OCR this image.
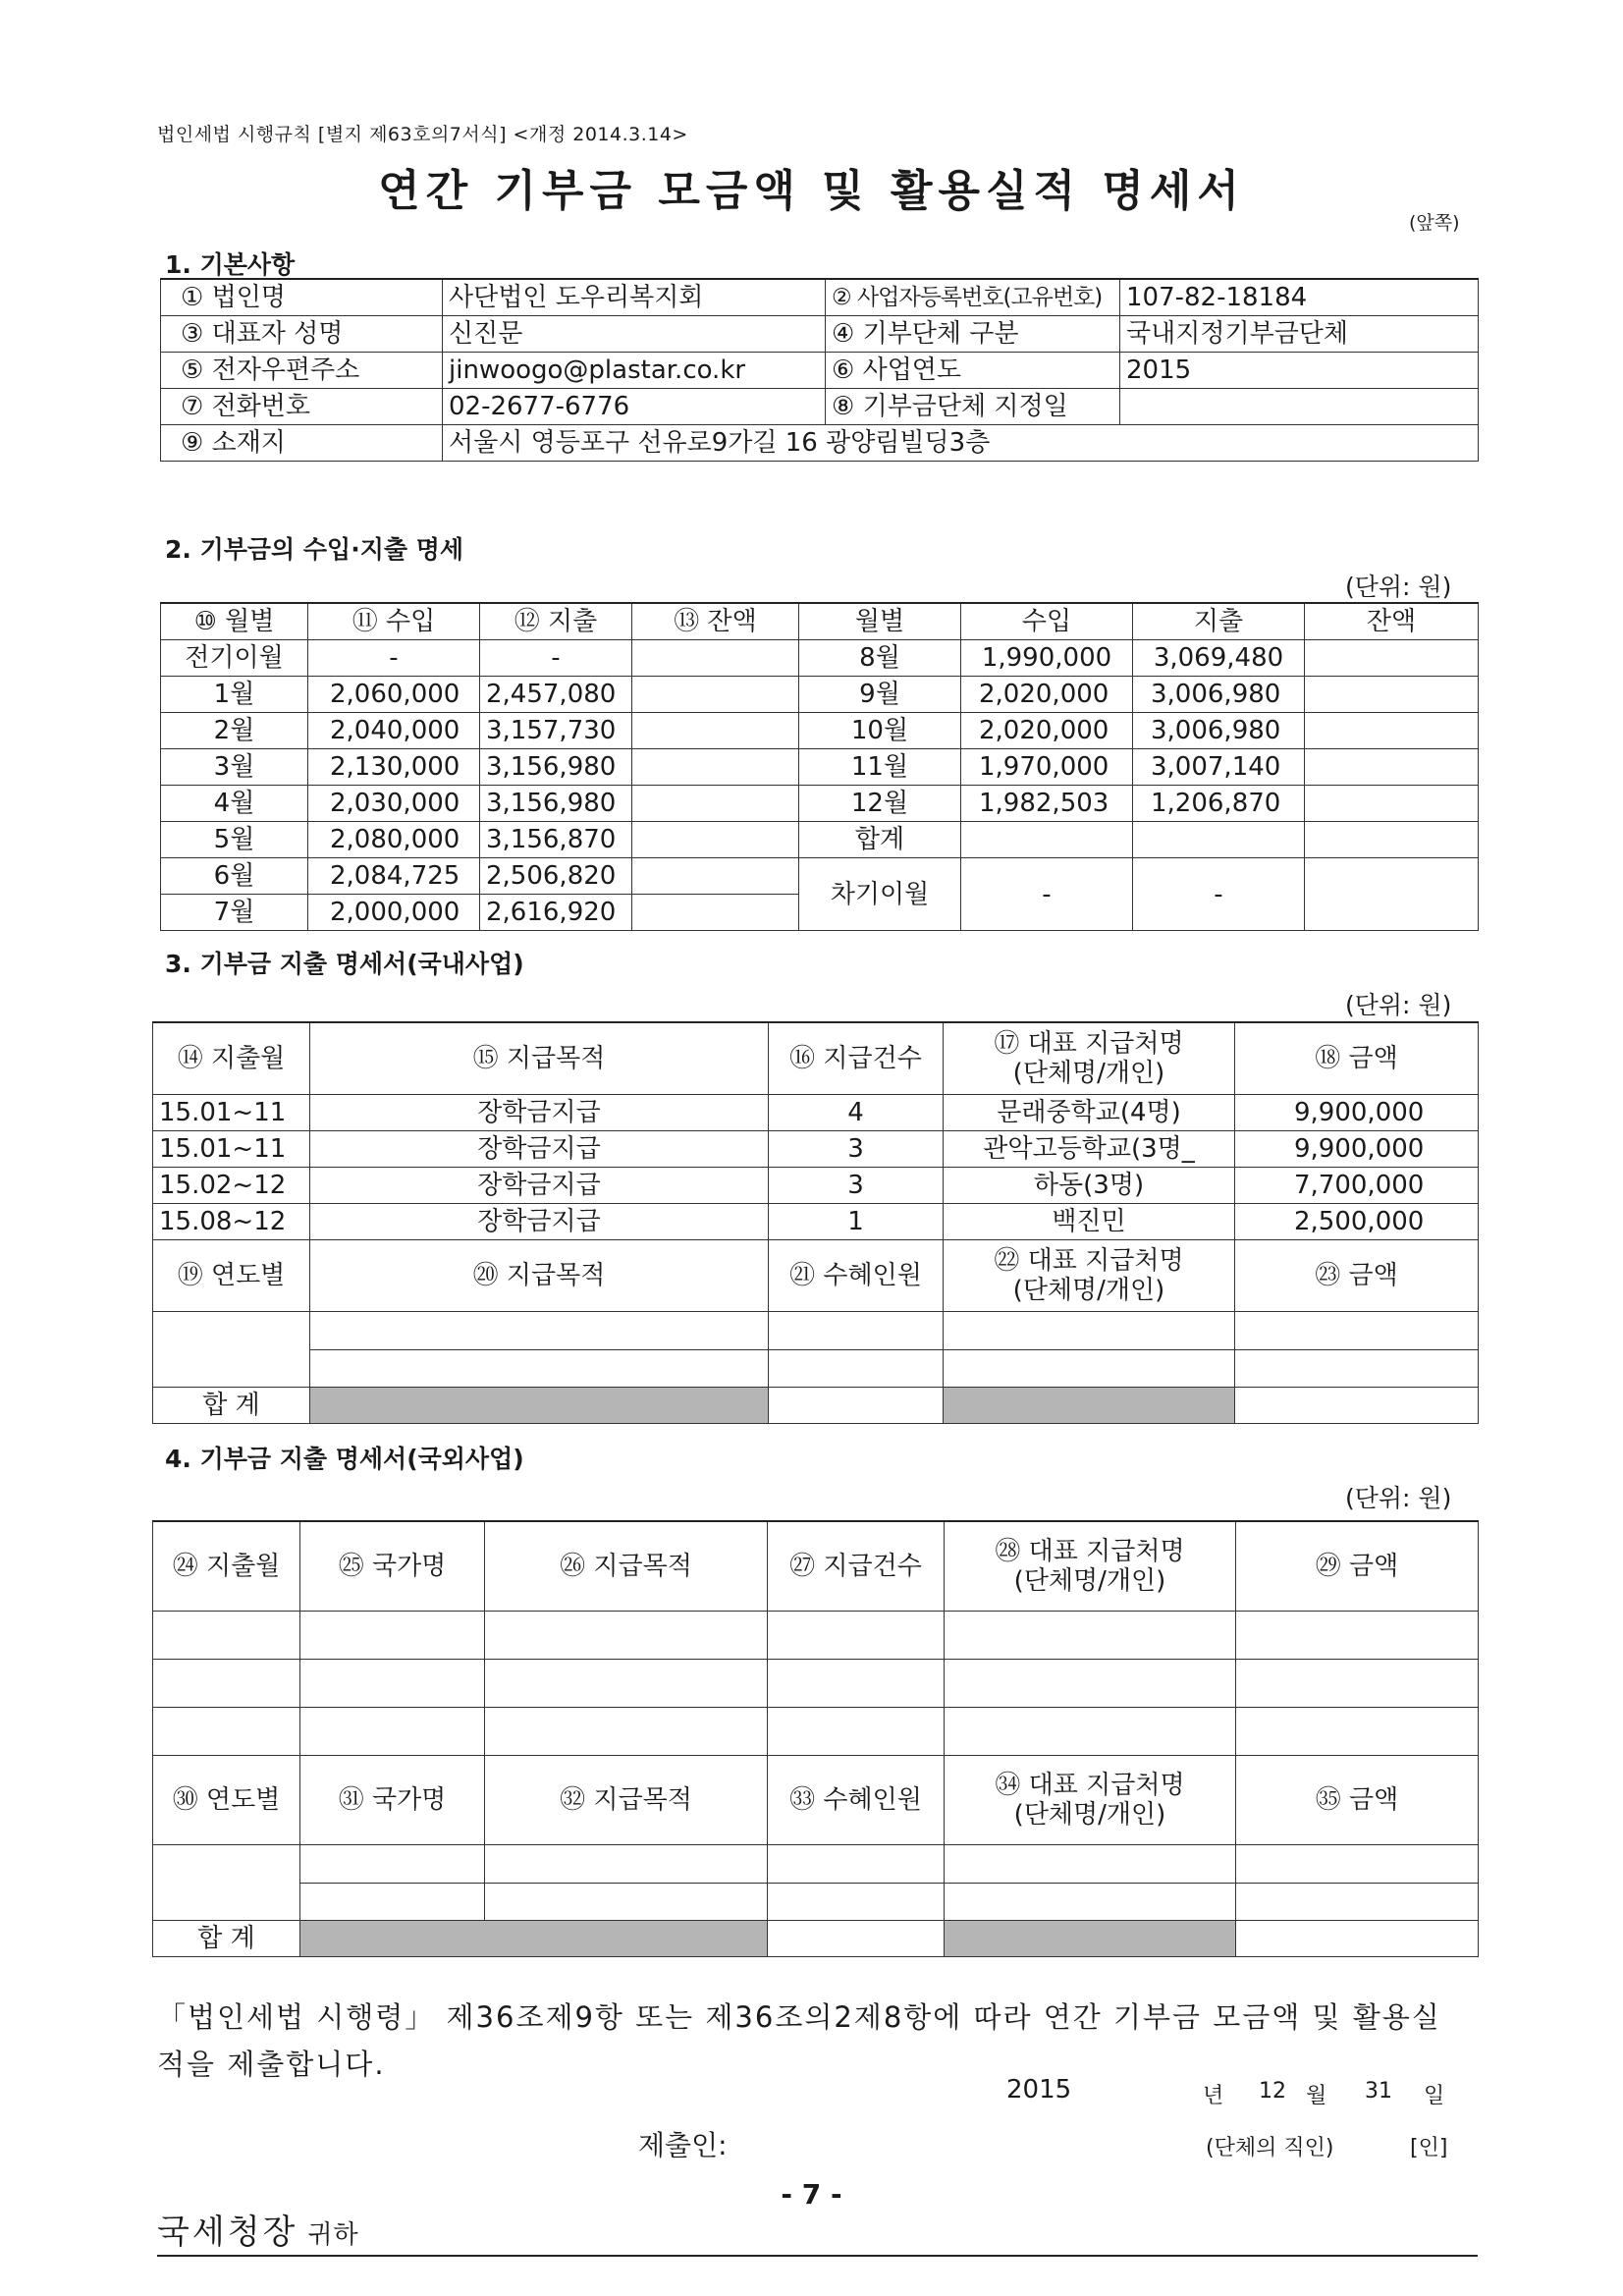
법인세법 시행규칙 [별지 제63호의7서식] <개정 2014.3.14>
연간 기부금 모금액 및 활용실적 명세서
(앞쪽)
1. 기본사항
① 법인명	사단법인 도우리복지회	② 사업자등록번호(고유번호)	107-82-18184
③ 대표자 성명	신진문	④ 기부단체 구분	국내지정기부금단체
⑤ 전자우편주소	jinwoogo@plastar.co.kr	⑥ 사업연도	2015
⑦ 전화번호	02-2677-6776	⑧ 기부금단체 지정일	
⑨ 소재지	서울시 영등포구 선유로9가길 16 광양림빌딩3층		
2. 기부금의 수입·지출 명세
(단위: 원)
⑩ 월별	⑪ 수입	⑫ 지출	⑬ 잔액	월별	수입	지출	잔액
전기이월	-	-		8월	1,990,000	3,069,480	
1월	2,060,000	2,457,080		9월	2,020,000	3,006,980	
2월	2,040,000	3,157,730		10월	2,020,000	3,006,980	
3월	2,130,000	3,156,980		11월	1,970,000	3,007,140	
4월	2,030,000	3,156,980		12월	1,982,503	1,206,870	
5월	2,080,000	3,156,870		합계			
6월	2,084,725	2,506,820		차기이월	-	-	
7월	2,000,000	2,616,920					
3. 기부금 지출 명세서(국내사업)
(단위: 원)
⑭ 지출월	⑮ 지급목적	⑯ 지급건수	⑰ 대표 지급처명
(단체명/개인)	⑱ 금액
15.01~11	장학금지급	4	문래중학교(4명)	9,900,000
15.01~11	장학금지급	3	관악고등학교(3명_	9,900,000
15.02~12	장학금지급	3	하동(3명)	7,700,000
15.08~12	장학금지급	1	백진민	2,500,000
⑲ 연도별	⑳ 지급목적	㉑ 수혜인원	㉒ 대표 지급처명
(단체명/개인)	㉓ 금액

합 계				
4. 기부금 지출 명세서(국외사업)
(단위: 원)
㉔ 지출월	㉕ 국가명	㉖ 지급목적	㉗ 지급건수	㉘ 대표 지급처명
(단체명/개인)	㉙ 금액

㉚ 연도별	㉛ 국가명	㉜ 지급목적	㉝ 수혜인원	㉞ 대표 지급처명
(단체명/개인)	㉟ 금액

합 계					
「법인세법 시행령」 제36조제9항 또는 제36조의2제8항에 따라 연간 기부금 모금액 및 활용실적을 제출합니다.
2015	년 12 월 31 일
제출인:	(단체의 직인)	[인]
- 7 -
국세청장 귀하
